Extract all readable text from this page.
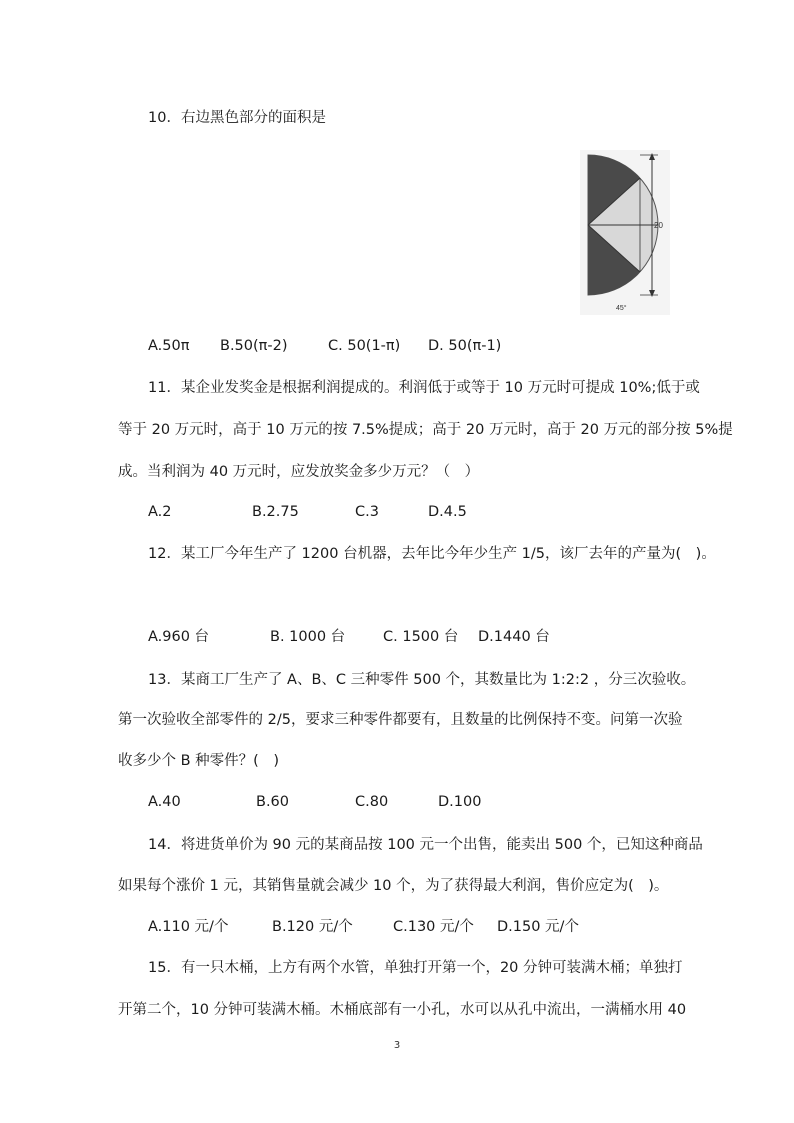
10．右边黑色部分的面积是
20
45°
A.50π B.50(π-2)	C. 50(1-π) D. 50(π-1)
11．某企业发奖金是根据利润提成的。利润低于或等于 10 万元时可提成 10%;低于或
等于 20 万元时，高于 10 万元的按 7.5%提成；高于 20 万元时，高于 20 万元的部分按 5%提
成。当利润为 40 万元时，应发放奖金多少万元？（　）
A.2	B.2.75	C.3	D.4.5
12．某工厂今年生产了 1200 台机器，去年比今年少生产 1/5，该厂去年的产量为(　)。
A.960 台	B. 1000 台	C. 1500 台 D.1440 台
13．某商工厂生产了 A、B、C 三种零件 500 个，其数量比为 1:2:2 ，分三次验收。
第一次验收全部零件的 2/5，要求三种零件都要有，且数量的比例保持不变。问第一次验
收多少个 B 种零件？(　)
A.40	B.60	C.80	D.100
14．将进货单价为 90 元的某商品按 100 元一个出售，能卖出 500 个，已知这种商品
如果每个涨价 1 元，其销售量就会减少 10 个，为了获得最大利润，售价应定为(　)。
A.110 元/个	B.120 元/个	C.130 元/个 D.150 元/个
15．有一只木桶，上方有两个水管，单独打开第一个，20 分钟可装满木桶；单独打
开第二个，10 分钟可装满木桶。木桶底部有一小孔，水可以从孔中流出，一满桶水用 40
3
